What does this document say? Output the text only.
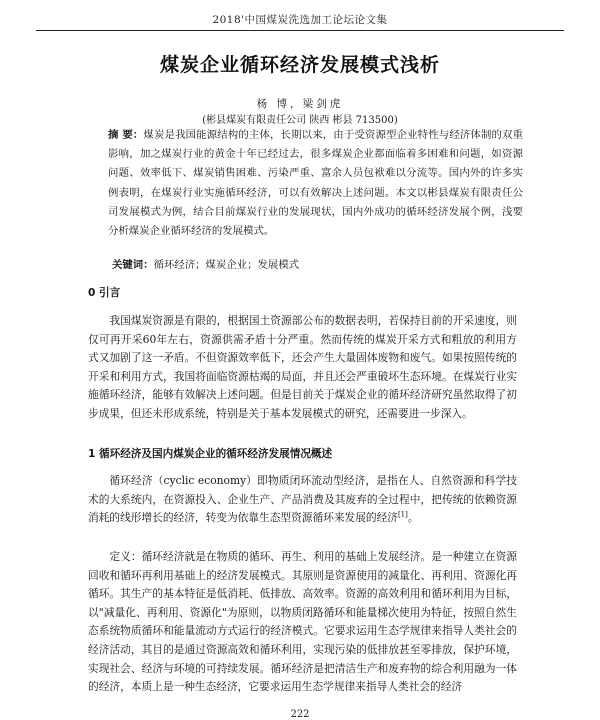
2018'中国煤炭洗选加工论坛论文集
煤炭企业循环经济发展模式浅析
杨 博, 梁剑虎
(彬县煤炭有限责任公司 陕西 彬县 713500)

摘 要：煤炭是我国能源结构的主体，长期以来，由于受资源型企业特性与经济体制的双重影响，加之煤炭行业的黄金十年已经过去，很多煤炭企业都面临着多困难和问题，如资源问题、效率低下、煤炭销售困难、污染严重、富余人员包袱难以分流等。国内外的许多实例表明，在煤炭行业实施循环经济，可以有效解决上述问题。本文以彬县煤炭有限责任公司发展模式为例，结合目前煤炭行业的发展现状，国内外成功的循环经济发展个例，浅要分析煤炭企业循环经济的发展模式。

关键词：循环经济；煤炭企业；发展模式

0 引言

我国煤炭资源是有限的，根据国土资源部公布的数据表明，若保持目前的开采速度，则仅可再开采60年左右，资源供需矛盾十分严重。然而传统的煤炭开采方式和粗放的利用方式又加剧了这一矛盾。不但资源效率低下，还会产生大量固体废物和废气。如果按照传统的开采和利用方式，我国将面临资源枯竭的局面，并且还会严重破坏生态环境。在煤炭行业实施循环经济，能够有效解决上述问题。但是目前关于煤炭企业的循环经济研究虽然取得了初步成果，但还未形成系统，特别是关于基本发展模式的研究，还需要进一步深入。

1 循环经济及国内煤炭企业的循环经济发展情况概述

循环经济（cyclic economy）即物质闭环流动型经济，是指在人、自然资源和科学技术的大系统内，在资源投入、企业生产、产品消费及其废弃的全过程中，把传统的依赖资源消耗的线形增长的经济，转变为依靠生态型资源循环来发展的经济[1]。

定义：循环经济就是在物质的循环、再生、利用的基础上发展经济。是一种建立在资源回收和循环再利用基础上的经济发展模式。其原则是资源使用的减量化、再利用、资源化再循环。其生产的基本特征是低消耗、低排放、高效率。资源的高效利用和循环利用为目标，以"减量化、再利用、资源化"为原则，以物质闭路循环和能量梯次使用为特征，按照自然生态系统物质循环和能量流动方式运行的经济模式。它要求运用生态学规律来指导人类社会的经济活动，其目的是通过资源高效和循环利用，实现污染的低排放甚至零排放，保护环境，实现社会、经济与环境的可持续发展。循环经济是把清洁生产和废弃物的综合利用融为一体的经济，本质上是一种生态经济，它要求运用生态学规律来指导人类社会的经济

222
